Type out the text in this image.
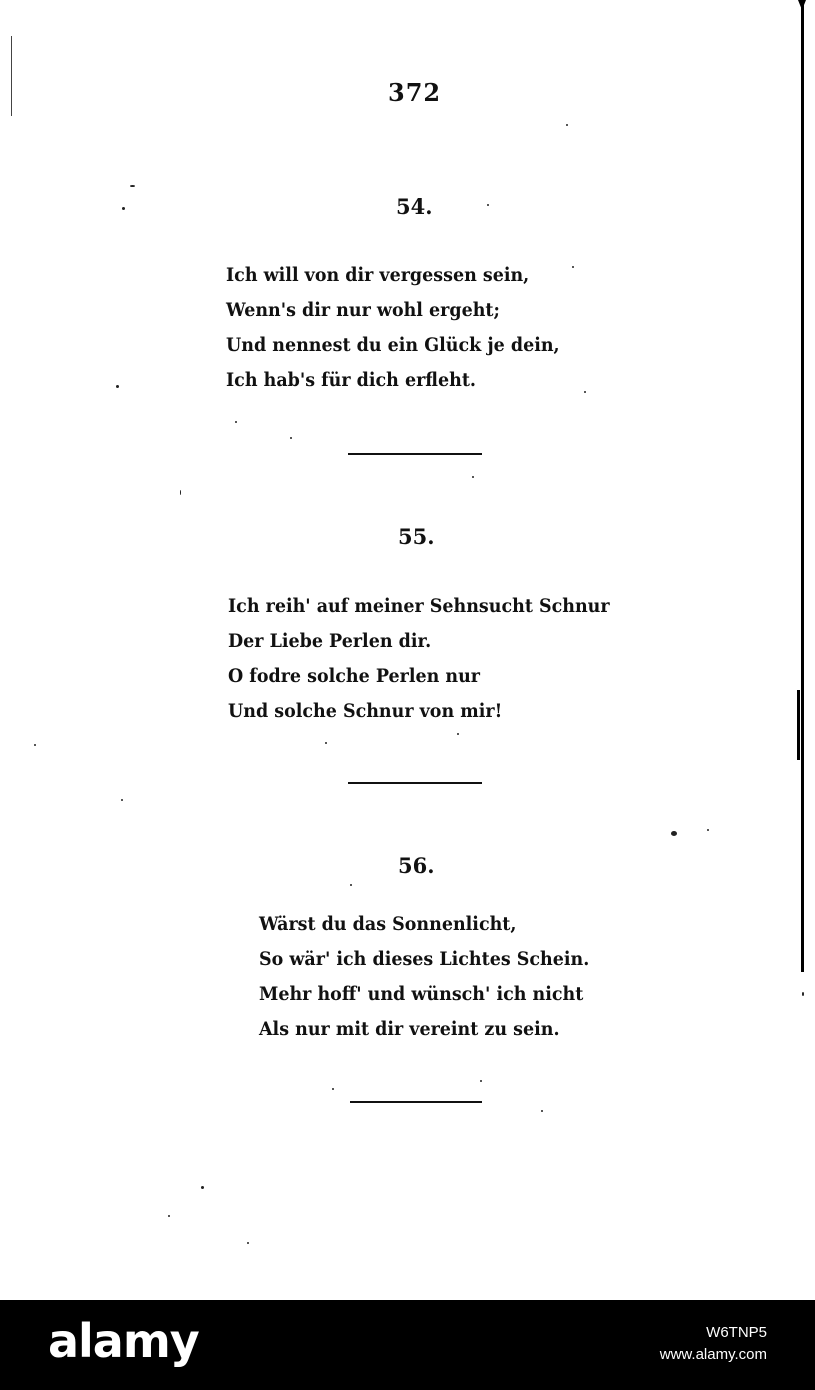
372
54.
Ich will von dir vergessen sein,
Wenn's dir nur wohl ergeht;
Und nennest du ein Glück je dein,
Ich hab's für dich erfleht.
55.
Ich reih' auf meiner Sehnsucht Schnur
Der Liebe Perlen dir.
O fodre solche Perlen nur
Und solche Schnur von mir!
56.
Wärst du das Sonnenlicht,
So wär' ich dieses Lichtes Schein.
Mehr hoff' und wünsch' ich nicht
Als nur mit dir vereint zu sein.
alamy	W6TNP5
www.alamy.com
